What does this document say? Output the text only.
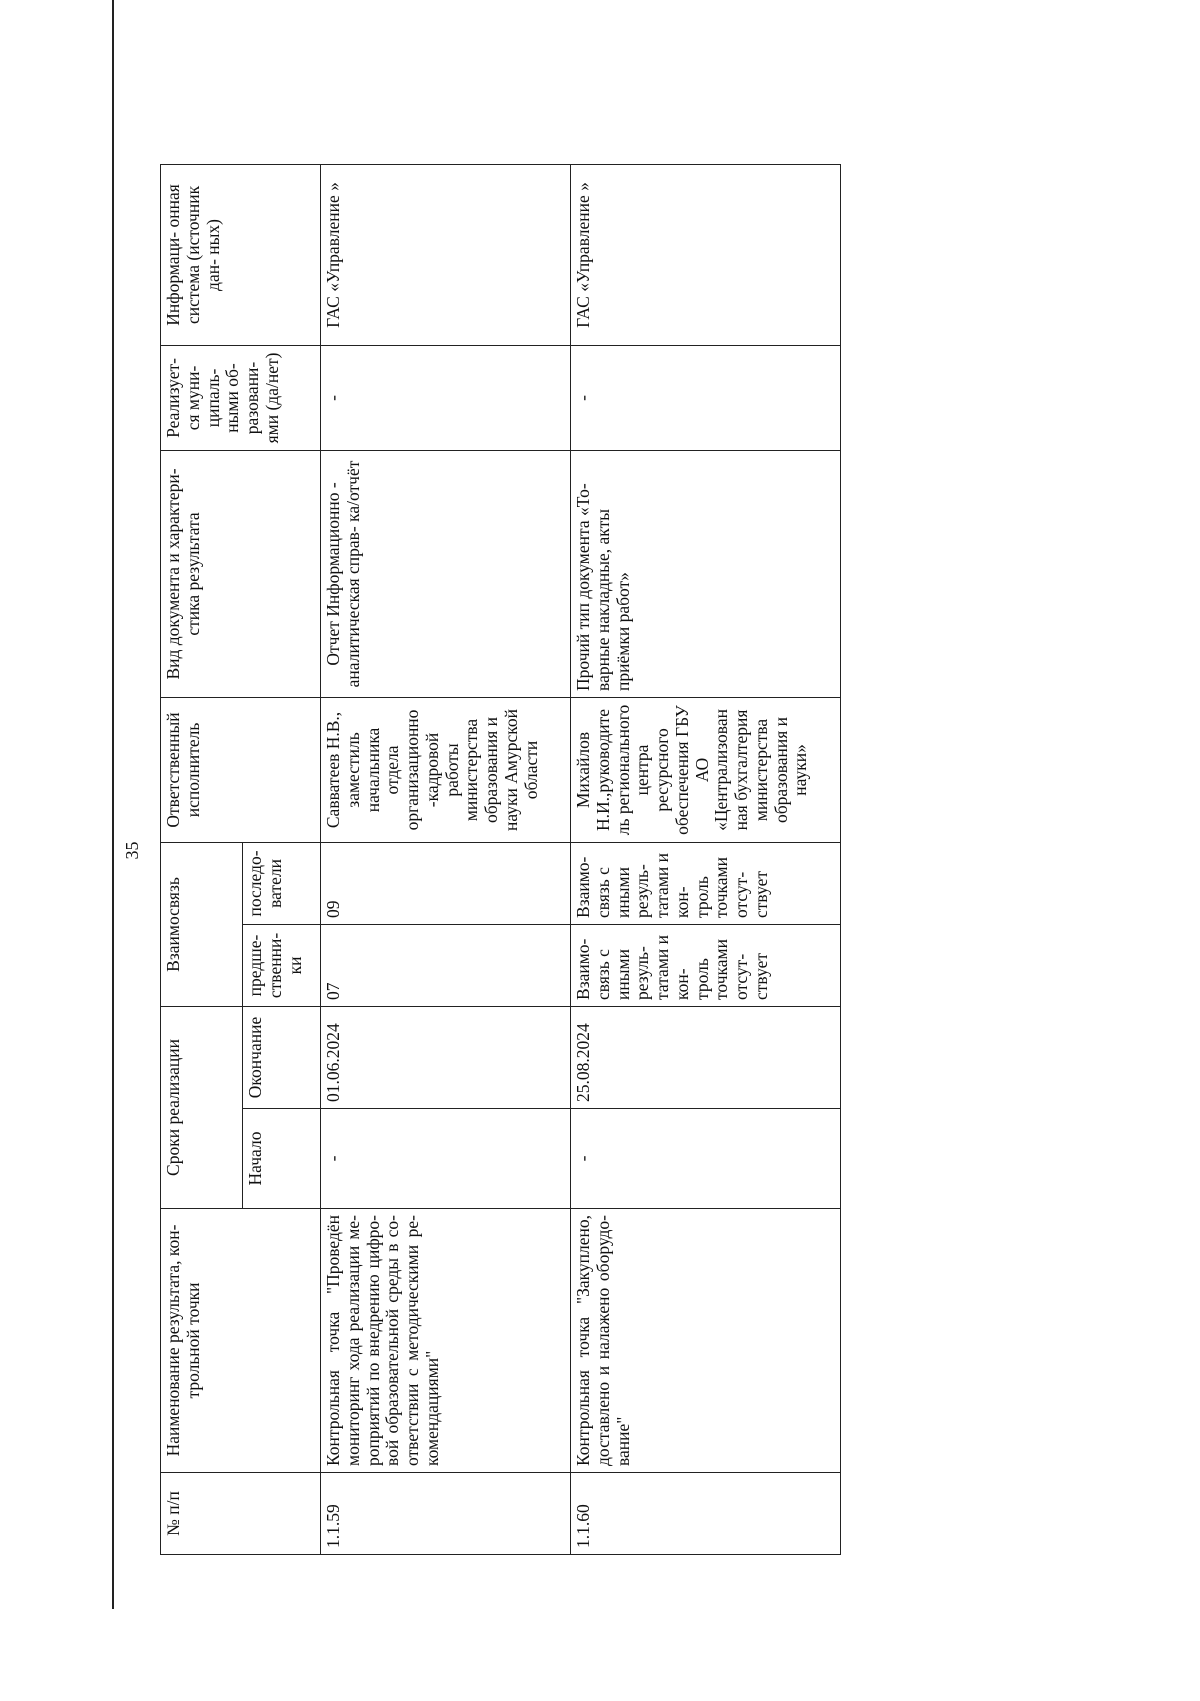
35
№ п/п	Наименование результата, кон- трольной точки	Сроки реализации		Взаимосвязь		Ответственный исполнитель	Вид документа и характери- стика результата	Реализует- ся муни- ципаль- ными об- разовани- ями (да/нет)	Информаци- онная система (источник дан- ных)
		Начало	Окончание	предше- ственни- ки	последо- ватели				
1.1.59	Контрольная точка "Проведён мониторинг хода реализации ме- роприятий по внедрению цифро- вой образовательной среды в со- ответствии с методическими ре- комендациями"	-	01.06.2024	07	09	Савватеев Н.В., заместиль начальника отдела организационно -кадровой работы министерства образования и науки Амурской области	Отчет Информационно - аналитическая справ- ка/отчёт	-	ГАС «Управление »
1.1.60	Контрольная точка "Закуплено, доставлено и налажено оборудо- вание"	-	25.08.2024	Взаимо- связь с иными резуль- татами и кон- троль точками отсут- ствует	Взаимо- связь с иными резуль- татами и кон- троль точками отсут- ствует	Михайлов Н.И.,руководите ль регионального центра ресурсного обеспечения ГБУ АО «Централизован ная бухгалтерия министерства образования и науки»	Прочий тип документа «То- варные накладные, акты приёмки работ»	-	ГАС «Управление »
